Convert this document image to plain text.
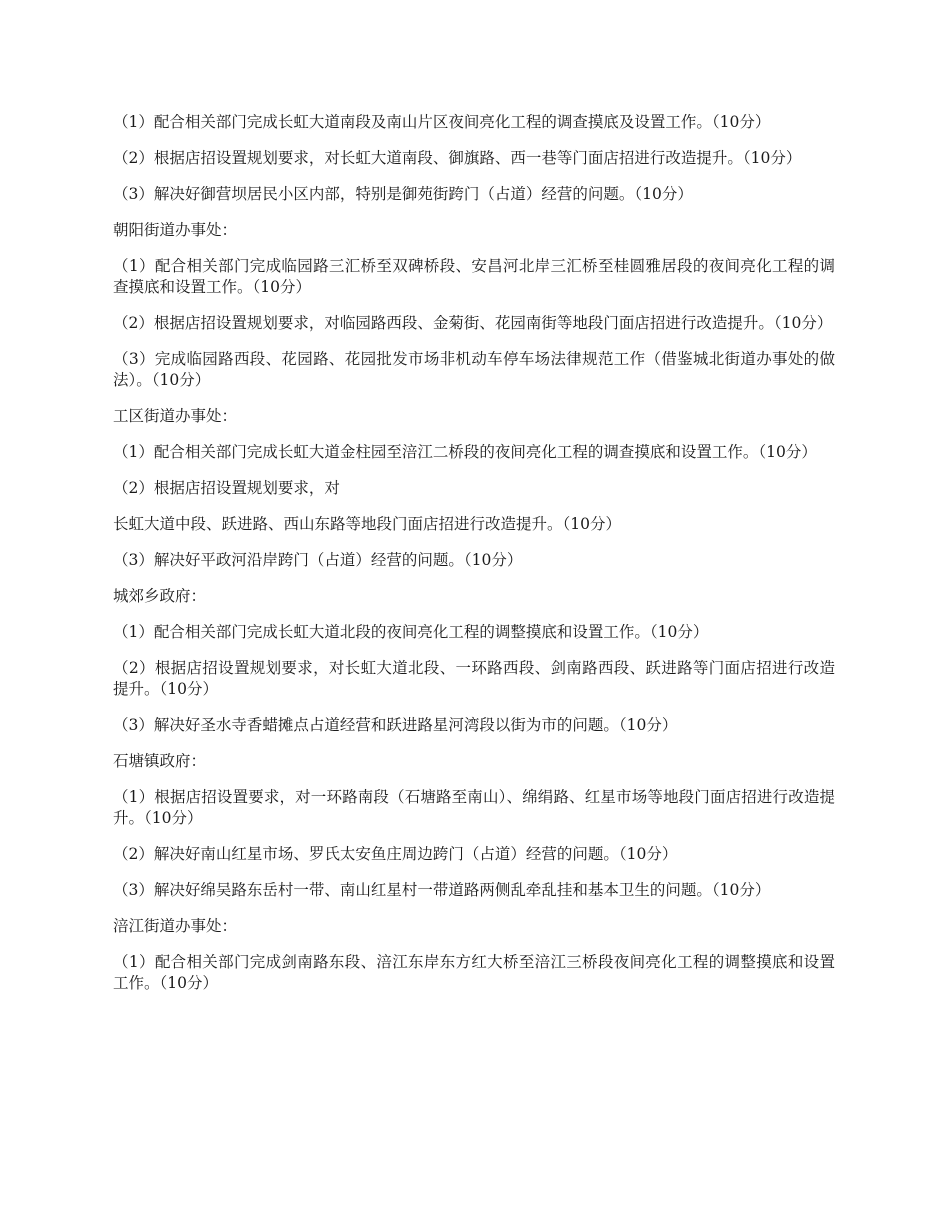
（1）配合相关部门完成长虹大道南段及南山片区夜间亮化工程的调查摸底及设置工作。（10分）

（2）根据店招设置规划要求，对长虹大道南段、御旗路、西一巷等门面店招进行改造提升。（10分）

（3）解决好御营坝居民小区内部，特别是御苑街跨门（占道）经营的问题。（10分）

朝阳街道办事处：

（1）配合相关部门完成临园路三汇桥至双碑桥段、安昌河北岸三汇桥至桂圆雅居段的夜间亮化工程的调查摸底和设置工作。（10分）

（2）根据店招设置规划要求，对临园路西段、金菊街、花园南街等地段门面店招进行改造提升。（10分）

（3）完成临园路西段、花园路、花园批发市场非机动车停车场法律规范工作（借鉴城北街道办事处的做法）。（10分）

工区街道办事处：

（1）配合相关部门完成长虹大道金柱园至涪江二桥段的夜间亮化工程的调查摸底和设置工作。（10分）

（2）根据店招设置规划要求，对

长虹大道中段、跃进路、西山东路等地段门面店招进行改造提升。（10分）

（3）解决好平政河沿岸跨门（占道）经营的问题。（10分）

城郊乡政府：

（1）配合相关部门完成长虹大道北段的夜间亮化工程的调整摸底和设置工作。（10分）

（2）根据店招设置规划要求，对长虹大道北段、一环路西段、剑南路西段、跃进路等门面店招进行改造提升。（10分）

（3）解决好圣水寺香蜡摊点占道经营和跃进路星河湾段以街为市的问题。（10分）

石塘镇政府：

（1）根据店招设置要求，对一环路南段（石塘路至南山）、绵绢路、红星市场等地段门面店招进行改造提升。（10分）

（2）解决好南山红星市场、罗氏太安鱼庄周边跨门（占道）经营的问题。（10分）

（3）解决好绵吴路东岳村一带、南山红星村一带道路两侧乱牵乱挂和基本卫生的问题。（10分）

涪江街道办事处：

（1）配合相关部门完成剑南路东段、涪江东岸东方红大桥至涪江三桥段夜间亮化工程的调整摸底和设置工作。（10分）
